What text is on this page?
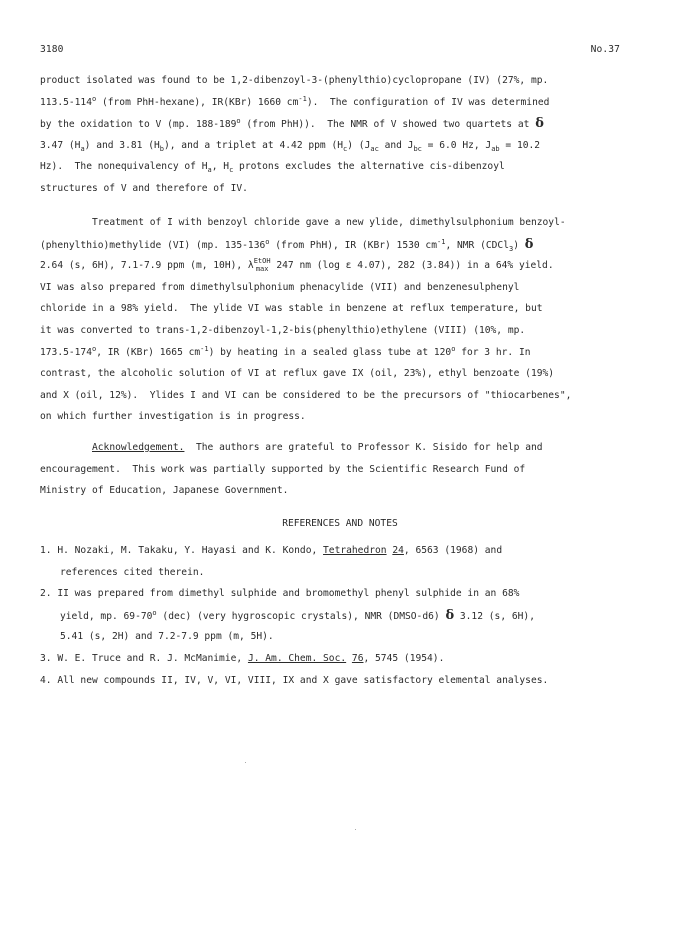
3180	No.37
product isolated was found to be 1,2-dibenzoyl-3-(phenylthio)cyclopropane (IV) (27%, mp.
113.5-114$^o$ (from PhH-hexane), IR(KBr) 1660 $cm^{-1}$).  The configuration of IV was determined
by the oxidation to V (mp. 188-189$^o$ (from PhH)).  The NMR of V showed two quartets at δ
3.47 $(H_a)$ and 3.81 $(H_b)$, and a triplet at 4.42 ppm $(H_c)$ ($J_{ac}$ and $J_{bc} = 6.0$ Hz, $J_{ab} = 10.2$
Hz).  The nonequivalency of $H_a$, $H_c$ protons excludes the alternative cis-dibenzoyl
structures of V and therefore of IV.
Treatment of I with benzoyl chloride gave a new ylide, dimethylsulphonium benzoyl-
(phenylthio)methylide (VI) (mp. 135-136$^o$ (from PhH), IR (KBr) 1530 $cm^{-1}$, NMR (CDCl$_3$) δ
2.64 (s, 6H), 7.1-7.9 ppm (m, 10H), λ EtOH
max 247 nm (log ε 4.07), 282 (3.84)) in a 64% yield.
VI was also prepared from dimethylsulphonium phenacylide (VII) and benzenesulphenyl
chloride in a 98% yield.  The ylide VI was stable in benzene at reflux temperature, but
it was converted to trans-1,2-dibenzoyl-1,2-bis(phenylthio)ethylene (VIII) (10%, mp.
173.5-174$^o$, IR (KBr) 1665 $cm^{-1}$) by heating in a sealed glass tube at 120$^o$ for 3 hr. In
contrast, the alcoholic solution of VI at reflux gave IX (oil, 23%), ethyl benzoate (19%)
and X (oil, 12%).  Ylides I and VI can be considered to be the precursors of "thiocarbenes",
on which further investigation is in progress.
Acknowledgement.  The authors are grateful to Professor K. Sisido for help and
encouragement.  This work was partially supported by the Scientific Research Fund of
Ministry of Education, Japanese Government.
REFERENCES AND NOTES
1. H. Nozaki, M. Takaku, Y. Hayasi and K. Kondo, Tetrahedron 24, 6563 (1968) and
references cited therein.
2. II was prepared from dimethyl sulphide and bromomethyl phenyl sulphide in an 68%
yield, mp. 69-70$^o$ (dec) (very hygroscopic crystals), NMR (DMSO-d6) δ 3.12 (s, 6H),
5.41 (s, 2H) and 7.2-7.9 ppm (m, 5H).
3. W. E. Truce and R. J. McManimie, J. Am. Chem. Soc. 76, 5745 (1954).
4. All new compounds II, IV, V, VI, VIII, IX and X gave satisfactory elemental analyses.
